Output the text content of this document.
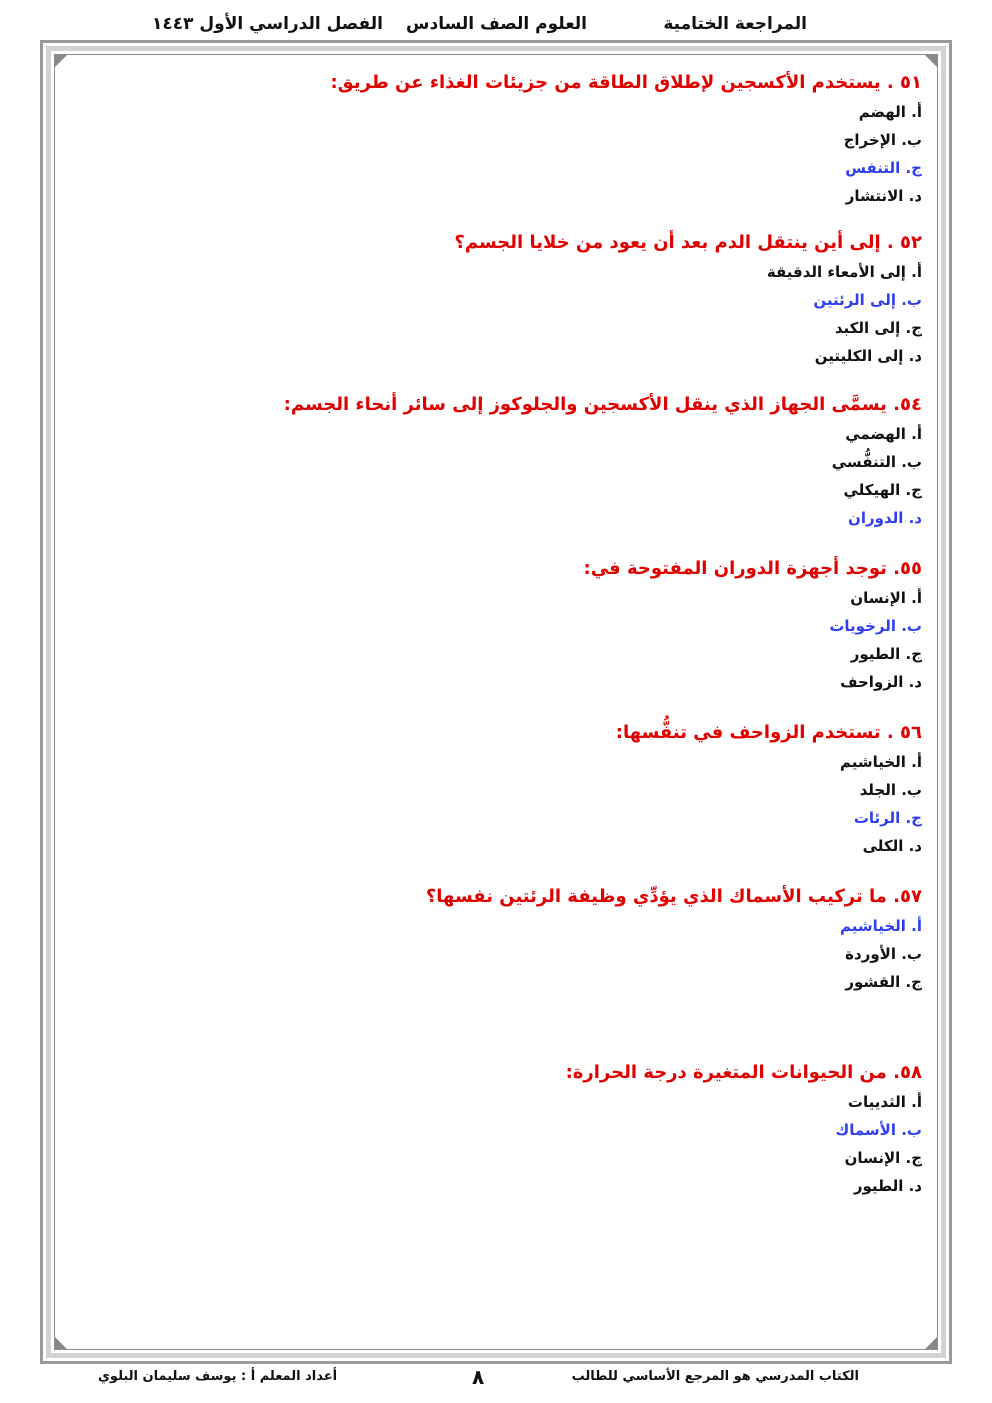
المراجعة الختامية
العلوم الصف السادس
الفصل الدراسي الأول ١٤٤٣
٥١ . يستخدم الأكسجين لإطلاق الطاقة من جزيئات الغذاء عن طريق:
أ. الهضم
ب. الإخراج
ج. التنفس
د. الانتشار
٥٢ . إلى أين ينتقل الدم بعد أن يعود من خلايا الجسم؟
أ. إلى الأمعاء الدقيقة
ب. إلى الرئتين
ج. إلى الكبد
د. إلى الكليتين
٥٤. يسمَّى الجهاز الذي ينقل الأكسجين والجلوكوز إلى سائر أنحاء الجسم:
أ. الهضمي
ب. التنفُّسي
ج. الهيكلي
د. الدوران
٥٥. توجد أجهزة الدوران المفتوحة في:
أ. الإنسان
ب. الرخويات
ج. الطيور
د. الزواحف
٥٦ . تستخدم الزواحف في تنفُّسها:
أ. الخياشيم
ب. الجلد
ج. الرئات
د. الكلى
٥٧. ما تركيب الأسماك الذي يؤدِّي وظيفة الرئتين نفسها؟
أ. الخياشيم
ب. الأوردة
ج. القشور
٥٨. من الحيوانات المتغيرة درجة الحرارة:
أ. الثدييات
ب. الأسماك
ج. الإنسان
د. الطيور
الكتاب المدرسي هو المرجع الأساسي للطالب
٨
أعداد المعلم أ : يوسف سليمان البلوي
